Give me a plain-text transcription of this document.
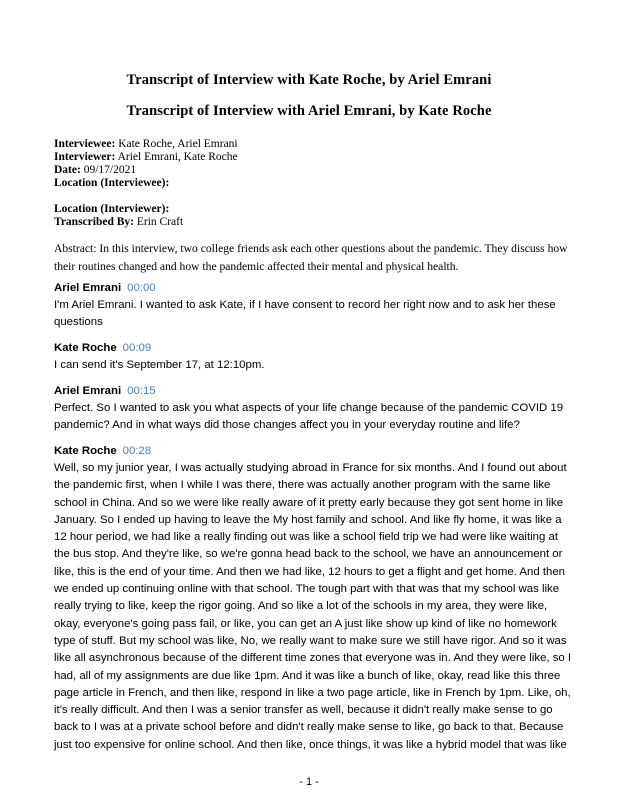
Transcript of Interview with Kate Roche, by Ariel Emrani
Transcript of Interview with Ariel Emrani, by Kate Roche
Interviewee: Kate Roche, Ariel Emrani
Interviewer: Ariel Emrani, Kate Roche
Date: 09/17/2021
Location (Interviewee):
Location (Interviewer):
Transcribed By: Erin Craft
Abstract: In this interview, two college friends ask each other questions about the pandemic. They discuss how their routines changed and how the pandemic affected their mental and physical health.
Ariel Emrani 00:00
I'm Ariel Emrani. I wanted to ask Kate, if I have consent to record her right now and to ask her these
questions
Kate Roche 00:09
I can send it's September 17, at 12:10pm.
Ariel Emrani 00:15
Perfect. So I wanted to ask you what aspects of your life change because of the pandemic COVID 19
pandemic? And in what ways did those changes affect you in your everyday routine and life?
Kate Roche 00:28
Well, so my junior year, I was actually studying abroad in France for six months. And I found out about
the pandemic first, when I while I was there, there was actually another program with the same like
school in China. And so we were like really aware of it pretty early because they got sent home in like
January. So I ended up having to leave the My host family and school. And like fly home, it was like a
12 hour period, we had like a really finding out was like a school field trip we had were like waiting at
the bus stop. And they're like, so we're gonna head back to the school, we have an announcement or
like, this is the end of your time. And then we had like, 12 hours to get a flight and get home. And then
we ended up continuing online with that school. The tough part with that was that my school was like
really trying to like, keep the rigor going. And so like a lot of the schools in my area, they were like,
okay, everyone's going pass fail, or like, you can get an A just like show up kind of like no homework
type of stuff. But my school was like, No, we really want to make sure we still have rigor. And so it was
like all asynchronous because of the different time zones that everyone was in. And they were like, so I
had, all of my assignments are due like 1pm. And it was like a bunch of like, okay, read like this three
page article in French, and then like, respond in like a two page article, like in French by 1pm. Like, oh,
it's really difficult. And then I was a senior transfer as well, because it didn't really make sense to go
back to I was at a private school before and didn't really make sense to like, go back to that. Because
just too expensive for online school. And then like, once things, it was like a hybrid model that was like
- 1 -
